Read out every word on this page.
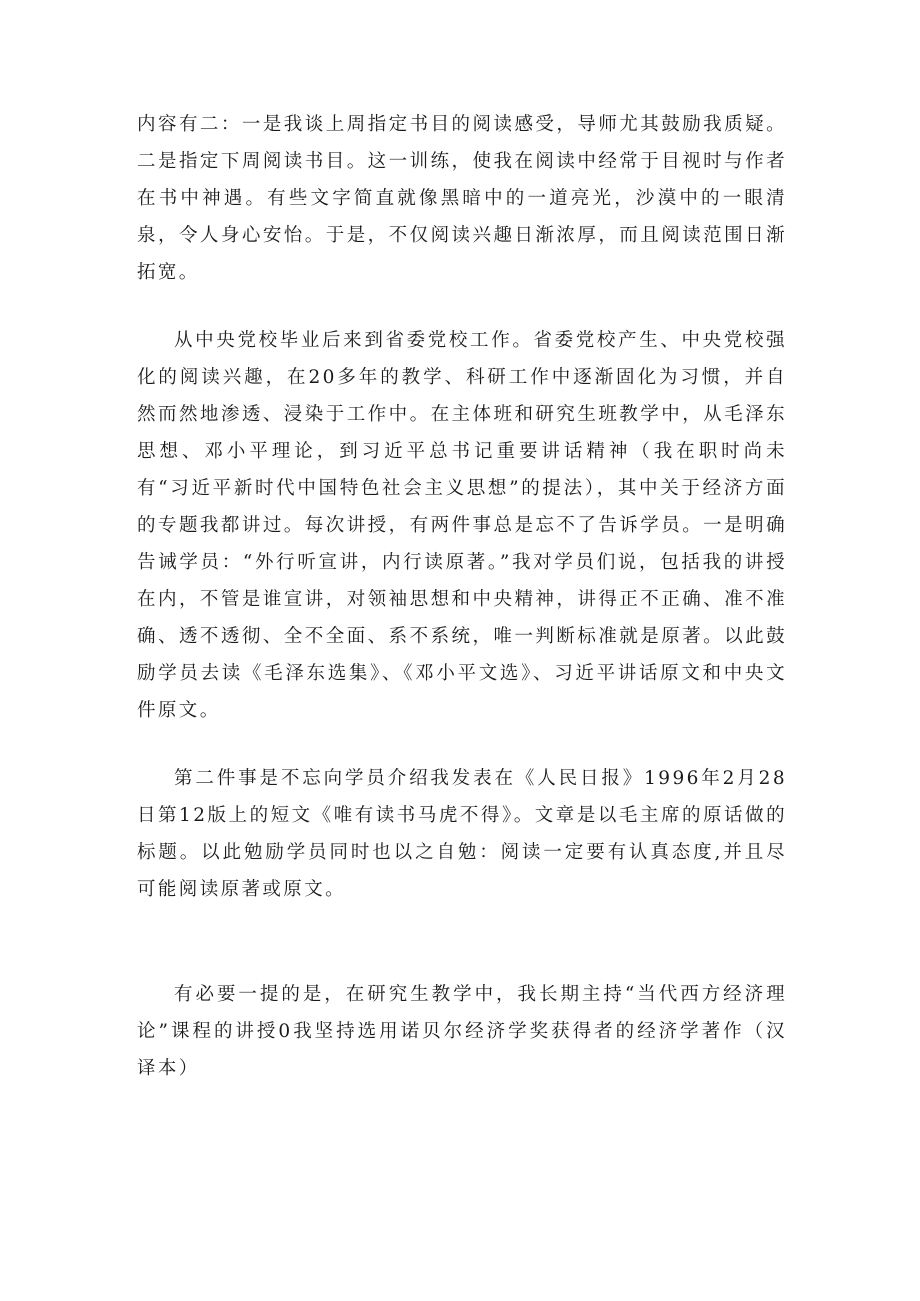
内容有二：一是我谈上周指定书目的阅读感受，导师尤其鼓励我质疑。二是指定下周阅读书目。这一训练，使我在阅读中经常于目视时与作者在书中神遇。有些文字简直就像黑暗中的一道亮光，沙漠中的一眼清泉，令人身心安怡。于是，不仅阅读兴趣日渐浓厚，而且阅读范围日渐拓宽。

从中央党校毕业后来到省委党校工作。省委党校产生、中央党校强化的阅读兴趣，在20多年的教学、科研工作中逐渐固化为习惯，并自然而然地渗透、浸染于工作中。在主体班和研究生班教学中，从毛泽东思想、邓小平理论，到习近平总书记重要讲话精神（我在职时尚未有“习近平新时代中国特色社会主义思想”的提法），其中关于经济方面的专题我都讲过。每次讲授，有两件事总是忘不了告诉学员。一是明确告诫学员：“外行听宣讲，内行读原著。”我对学员们说，包括我的讲授在内，不管是谁宣讲，对领袖思想和中央精神，讲得正不正确、准不准确、透不透彻、全不全面、系不系统，唯一判断标准就是原著。以此鼓励学员去读《毛泽东选集》、《邓小平文选》、习近平讲话原文和中央文件原文。

第二件事是不忘向学员介绍我发表在《人民日报》1996年2月28日第12版上的短文《唯有读书马虎不得》。文章是以毛主席的原话做的标题。以此勉励学员同时也以之自勉：阅读一定要有认真态度,并且尽可能阅读原著或原文。

有必要一提的是，在研究生教学中，我长期主持“当代西方经济理论”课程的讲授0我坚持选用诺贝尔经济学奖获得者的经济学著作（汉译本）
